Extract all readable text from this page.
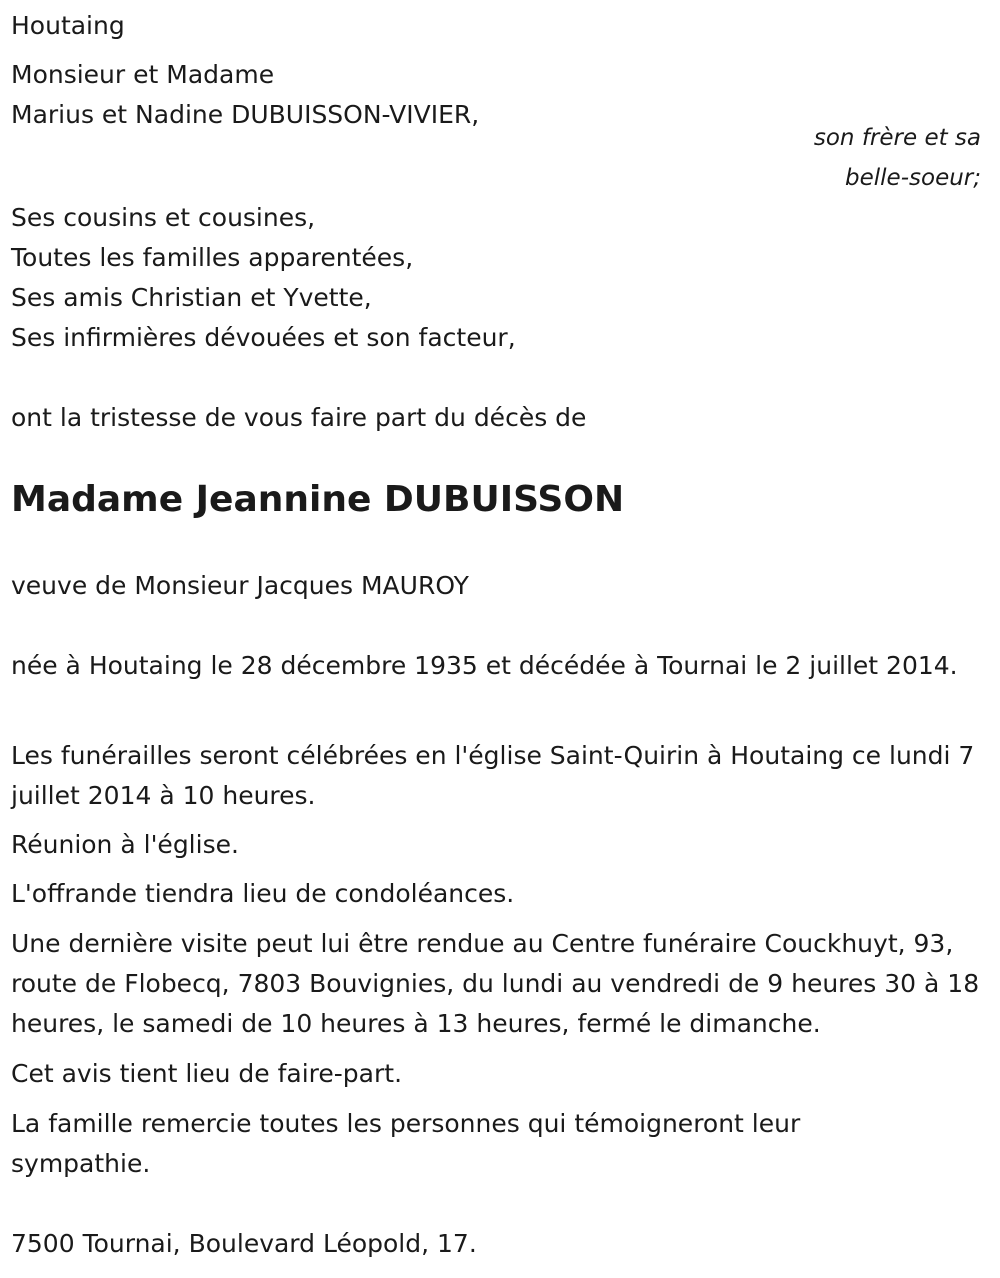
Houtaing
Monsieur et Madame
Marius et Nadine DUBUISSON-VIVIER,
son frère et sa
belle-soeur;
Ses cousins et cousines,
Toutes les familles apparentées,
Ses amis Christian et Yvette,
Ses infirmières dévouées et son facteur,
ont la tristesse de vous faire part du décès de
Madame Jeannine DUBUISSON
veuve de Monsieur Jacques MAUROY
née à Houtaing le 28 décembre 1935 et décédée à Tournai le 2 juillet 2014.
Les funérailles seront célébrées en l'église Saint-Quirin à Houtaing ce lundi 7 juillet 2014 à 10 heures.
Réunion à l'église.
L'offrande tiendra lieu de condoléances.
Une dernière visite peut lui être rendue au Centre funéraire Couckhuyt, 93, route de Flobecq, 7803 Bouvignies, du lundi au vendredi de 9 heures 30 à 18 heures, le samedi de 10 heures à 13 heures, fermé le dimanche.
Cet avis tient lieu de faire-part.
La famille remercie toutes les personnes qui témoigneront leur sympathie.
7500 Tournai, Boulevard Léopold, 17.
